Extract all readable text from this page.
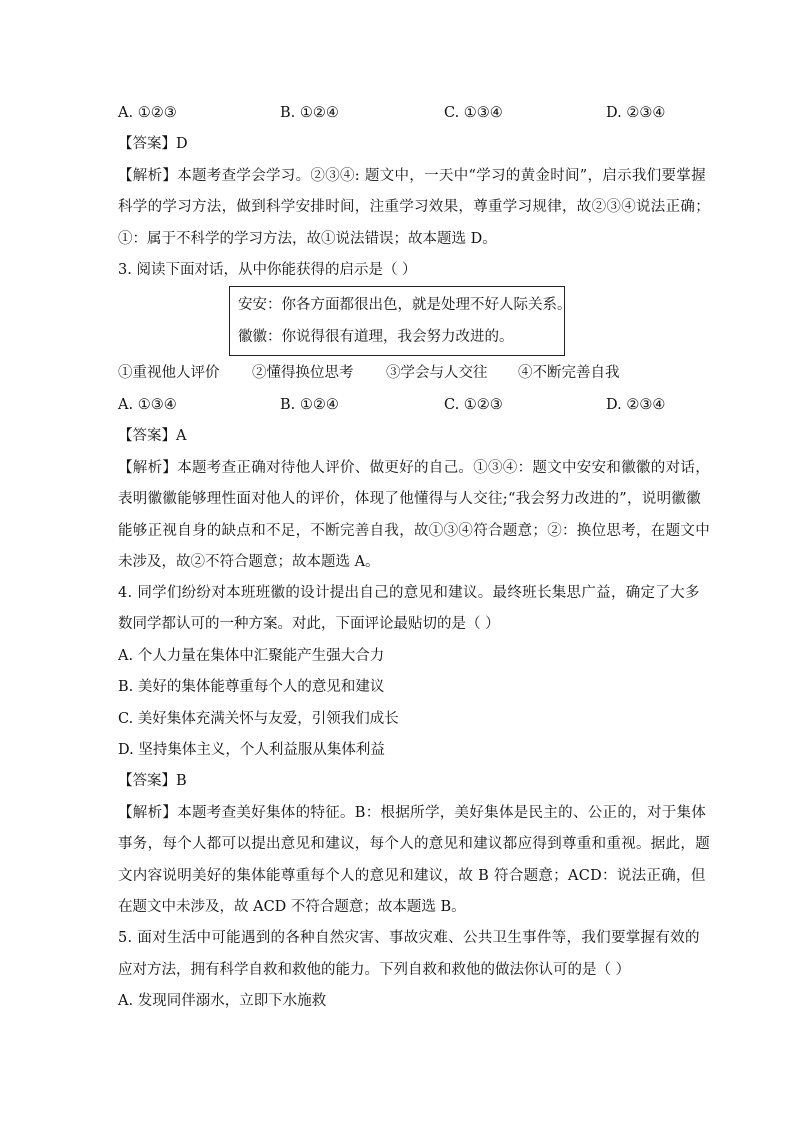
A. ①②③	B. ①②④	C. ①③④	D. ②③④
【答案】D
【解析】本题考查学会学习。②③④: 题文中，一天中“学习的黄金时间”，启示我们要掌握
科学的学习方法，做到科学安排时间，注重学习效果，尊重学习规律，故②③④说法正确；
①：属于不科学的学习方法，故①说法错误；故本题选 D。
3. 阅读下面对话，从中你能获得的启示是（ ）
安安：你各方面都很出色，就是处理不好人际关系。
徽徽：你说得很有道理，我会努力改进的。
①重视他人评价 ②懂得换位思考 ③学会与人交往 ④不断完善自我
A. ①③④	B. ①②④	C. ①②③	D. ②③④
【答案】A
【解析】本题考查正确对待他人评价、做更好的自己。①③④：题文中安安和徽徽的对话，
表明徽徽能够理性面对他人的评价，体现了他懂得与人交往;“我会努力改进的”，说明徽徽
能够正视自身的缺点和不足，不断完善自我，故①③④符合题意；②：换位思考，在题文中
未涉及，故②不符合题意；故本题选 A。
4. 同学们纷纷对本班班徽的设计提出自己的意见和建议。最终班长集思广益，确定了大多
数同学都认可的一种方案。对此，下面评论最贴切的是（ ）
A. 个人力量在集体中汇聚能产生强大合力
B. 美好的集体能尊重每个人的意见和建议
C. 美好集体充满关怀与友爱，引领我们成长
D. 坚持集体主义，个人利益服从集体利益
【答案】B
【解析】本题考查美好集体的特征。B：根据所学，美好集体是民主的、公正的，对于集体
事务，每个人都可以提出意见和建议，每个人的意见和建议都应得到尊重和重视。据此，题
文内容说明美好的集体能尊重每个人的意见和建议，故 B 符合题意；ACD：说法正确，但
在题文中未涉及，故 ACD 不符合题意；故本题选 B。
5. 面对生活中可能遇到的各种自然灾害、事故灾难、公共卫生事件等，我们要掌握有效的
应对方法，拥有科学自救和救他的能力。下列自救和救他的做法你认可的是（ ）
A. 发现同伴溺水，立即下水施救
